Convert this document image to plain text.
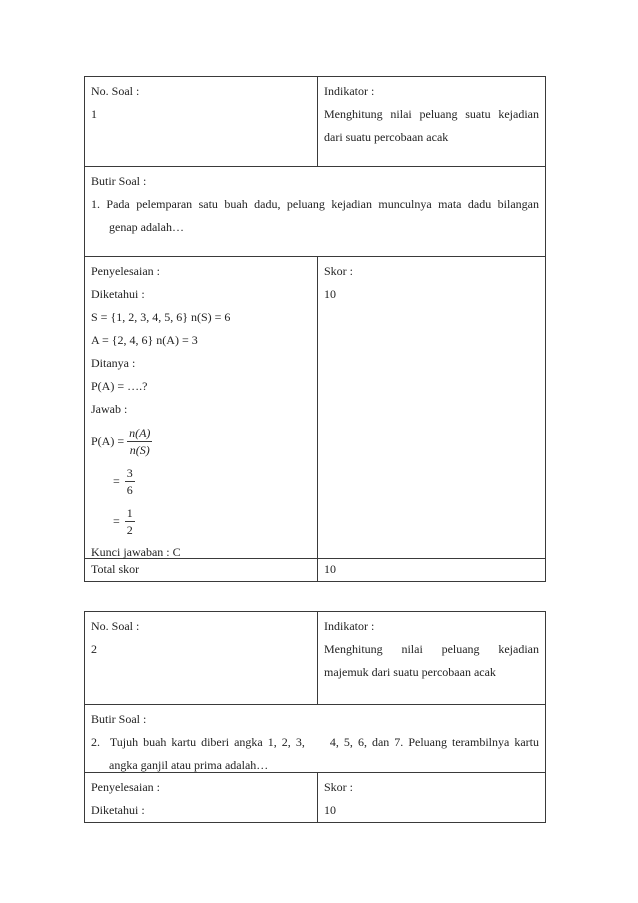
No. Soal :
1
Indikator :
Menghitung nilai peluang suatu kejadian
dari suatu percobaan acak
Butir Soal :
1. Pada pelemparan satu buah dadu, peluang kejadian munculnya mata dadu bilangan
genap adalah…
Penyelesaian :
Diketahui :
S = {1, 2, 3, 4, 5, 6} n(S) = 6
A = {2, 4, 6} n(A) = 3
Ditanya :
P(A) = ….?
Jawab :
$P(A) = \frac{n(A)}{n(S)}$
= $\frac{3}{6}$
= $\frac{1}{2}$
Kunci jawaban : C
Skor :
10
Total skor	10
No. Soal :
2
Indikator :
Menghitung nilai peluang kejadian
majemuk dari suatu percobaan acak
Butir Soal :
2.  Tujuh buah kartu diberi angka 1, 2, 3,     4, 5, 6, dan 7. Peluang terambilnya kartu
angka ganjil atau prima adalah…
Penyelesaian :
Diketahui :
Skor :
10
